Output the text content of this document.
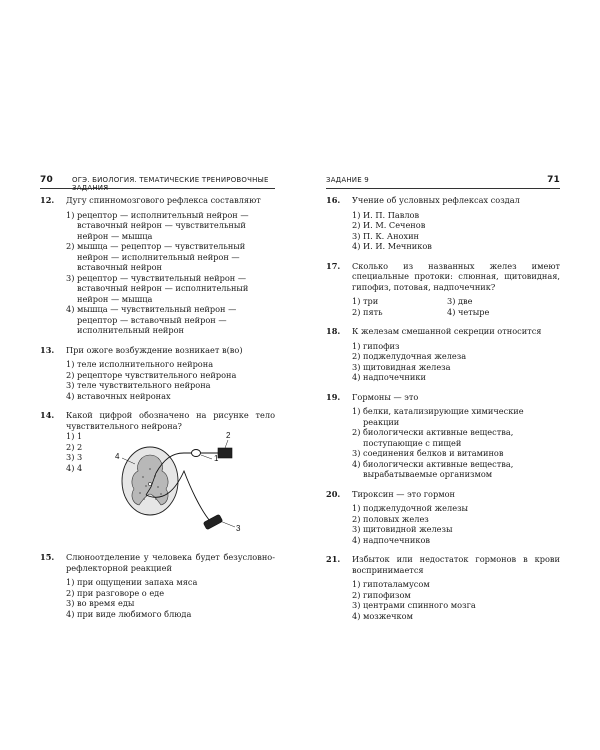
70	ОГЭ. БИОЛОГИЯ. ТЕМАТИЧЕСКИЕ ТРЕНИРОВОЧНЫЕ ЗАДАНИЯ
12. Дугу спинномозгового рефлекса составляют
1) рецептор — исполнительный нейрон — вставочный нейрон — чувствительный нейрон — мышца
2) мышца — рецептор — чувствительный нейрон — исполнительный нейрон — вставочный нейрон
3) рецептор — чувствительный нейрон — вставочный нейрон — исполнительный нейрон — мышца
4) мышца — чувствительный нейрон — рецептор — вставочный нейрон — исполнительный нейрон
13. При ожоге возбуждение возникает в(во)
1) теле исполнительного нейрона
2) рецепторе чувствительного нейрона
3) теле чувствительного нейрона
4) вставочных нейронах
14. Какой цифрой обозначено на рисунке тело чувствительного нейрона?
1) 1
2) 2
3) 3
4) 4
1
2
3
4
15. Слюноотделение у человека будет безусловно-рефлекторной реакцией
1) при ощущении запаха мяса
2) при разговоре о еде
3) во время еды
4) при виде любимого блюда
ЗАДАНИЕ 9	71
16. Учение об условных рефлексах создал
1) И. П. Павлов
2) И. М. Сеченов
3) П. К. Анохин
4) И. И. Мечников
17. Сколько из названных желез имеют специальные протоки: слюнная, щитовидная, гипофиз, потовая, надпочечник?
1) три	3) две
2) пять	4) четыре
18. К железам смешанной секреции относится
1) гипофиз
2) поджелудочная железа
3) щитовидная железа
4) надпочечники
19. Гормоны — это
1) белки, катализирующие химические реакции
2) биологически активные вещества, поступающие с пищей
3) соединения белков и витаминов
4) биологически активные вещества, вырабатываемые организмом
20. Тироксин — это гормон
1) поджелудочной железы
2) половых желез
3) щитовидной железы
4) надпочечников
21. Избыток или недостаток гормонов в крови воспринимается
1) гипоталамусом
2) гипофизом
3) центрами спинного мозга
4) мозжечком
